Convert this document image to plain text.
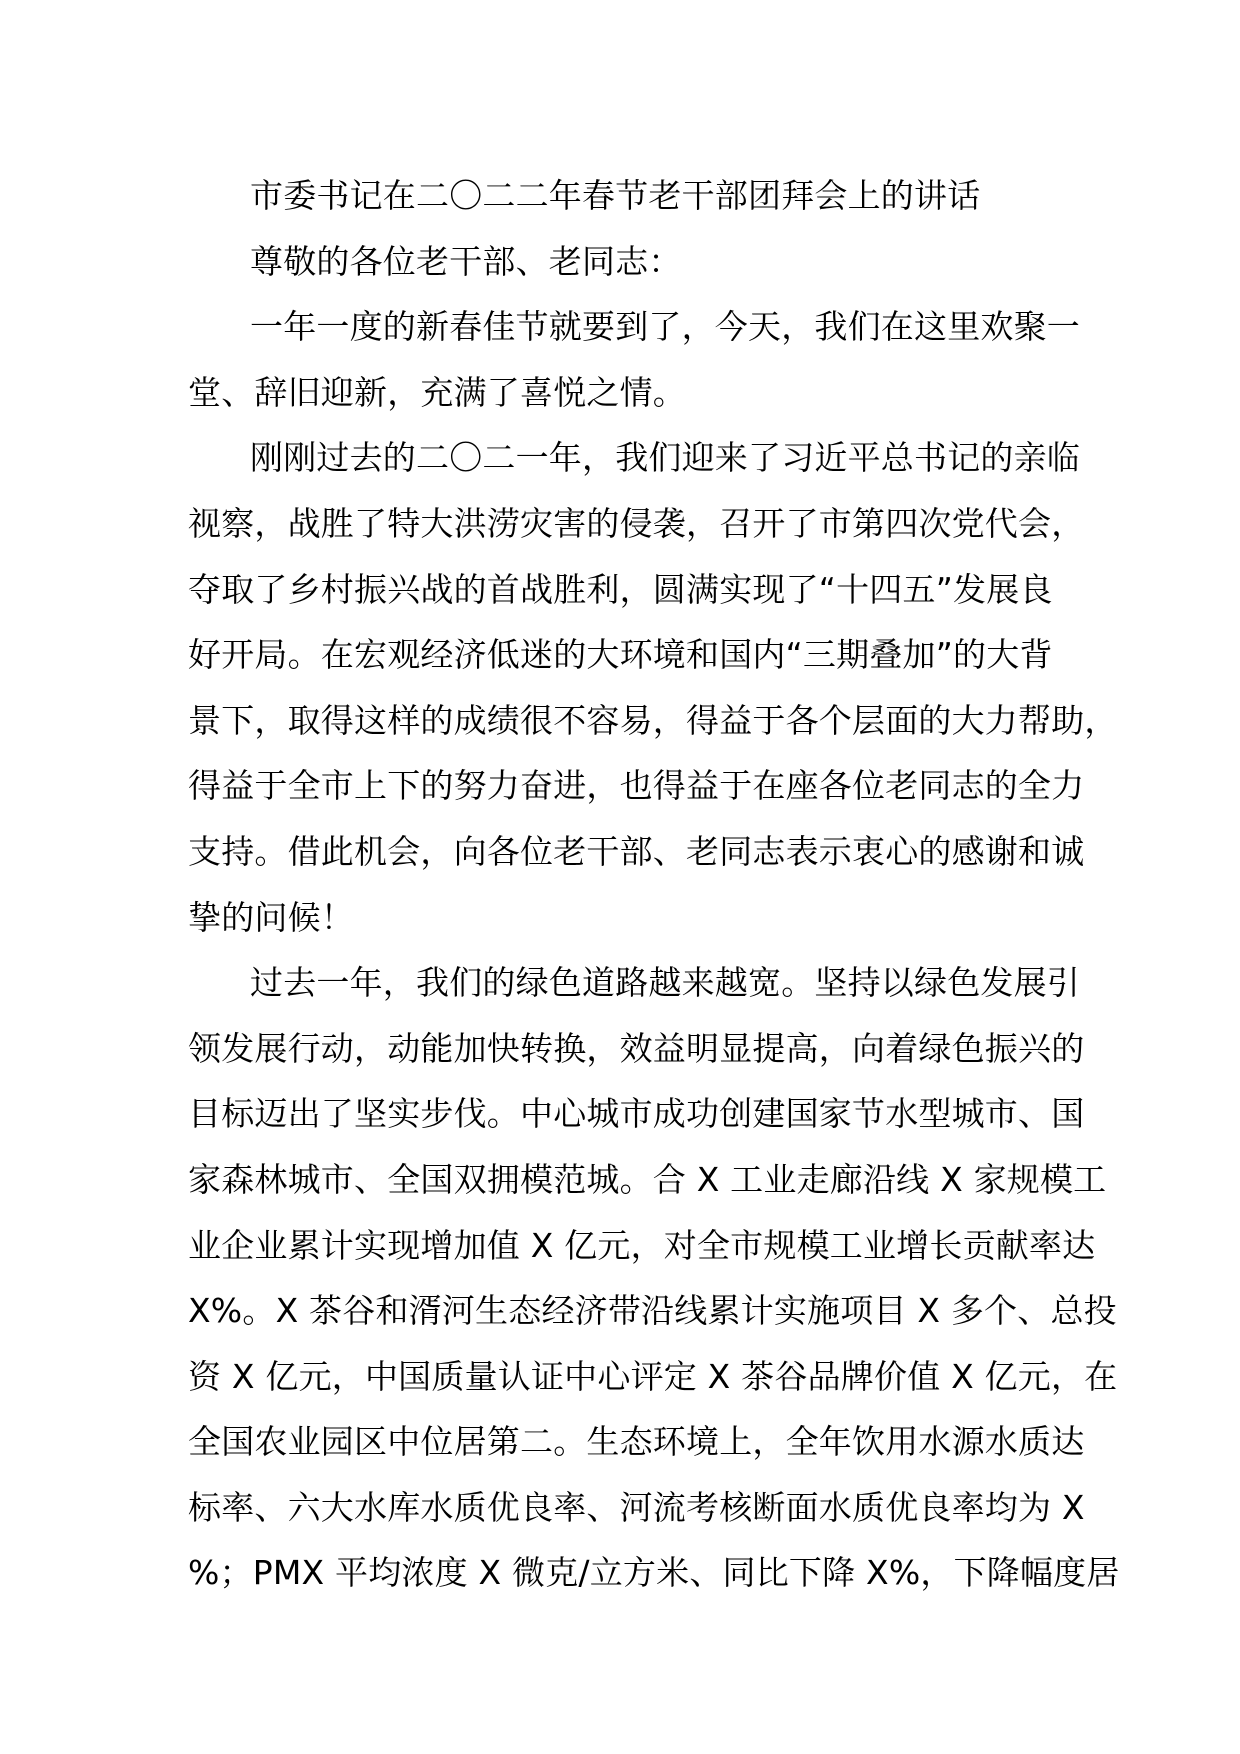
市委书记在二〇二二年春节老干部团拜会上的讲话
尊敬的各位老干部、老同志：
一年一度的新春佳节就要到了，今天，我们在这里欢聚一
堂、辞旧迎新，充满了喜悦之情。
刚刚过去的二〇二一年，我们迎来了习近平总书记的亲临
视察，战胜了特大洪涝灾害的侵袭，召开了市第四次党代会，
夺取了乡村振兴战的首战胜利，圆满实现了“十四五”发展良
好开局。在宏观经济低迷的大环境和国内“三期叠加”的大背
景下，取得这样的成绩很不容易，得益于各个层面的大力帮助，
得益于全市上下的努力奋进，也得益于在座各位老同志的全力
支持。借此机会，向各位老干部、老同志表示衷心的感谢和诚
挚的问候！
过去一年，我们的绿色道路越来越宽。坚持以绿色发展引
领发展行动，动能加快转换，效益明显提高，向着绿色振兴的
目标迈出了坚实步伐。中心城市成功创建国家节水型城市、国
家森林城市、全国双拥模范城。合 X 工业走廊沿线 X 家规模工
业企业累计实现增加值 X 亿元，对全市规模工业增长贡献率达
X%。X 茶谷和湑河生态经济带沿线累计实施项目 X 多个、总投
资 X 亿元，中国质量认证中心评定 X 茶谷品牌价值 X 亿元，在
全国农业园区中位居第二。生态环境上，全年饮用水源水质达
标率、六大水库水质优良率、河流考核断面水质优良率均为 X
%；PMX 平均浓度 X 微克/立方米、同比下降 X%，下降幅度居
